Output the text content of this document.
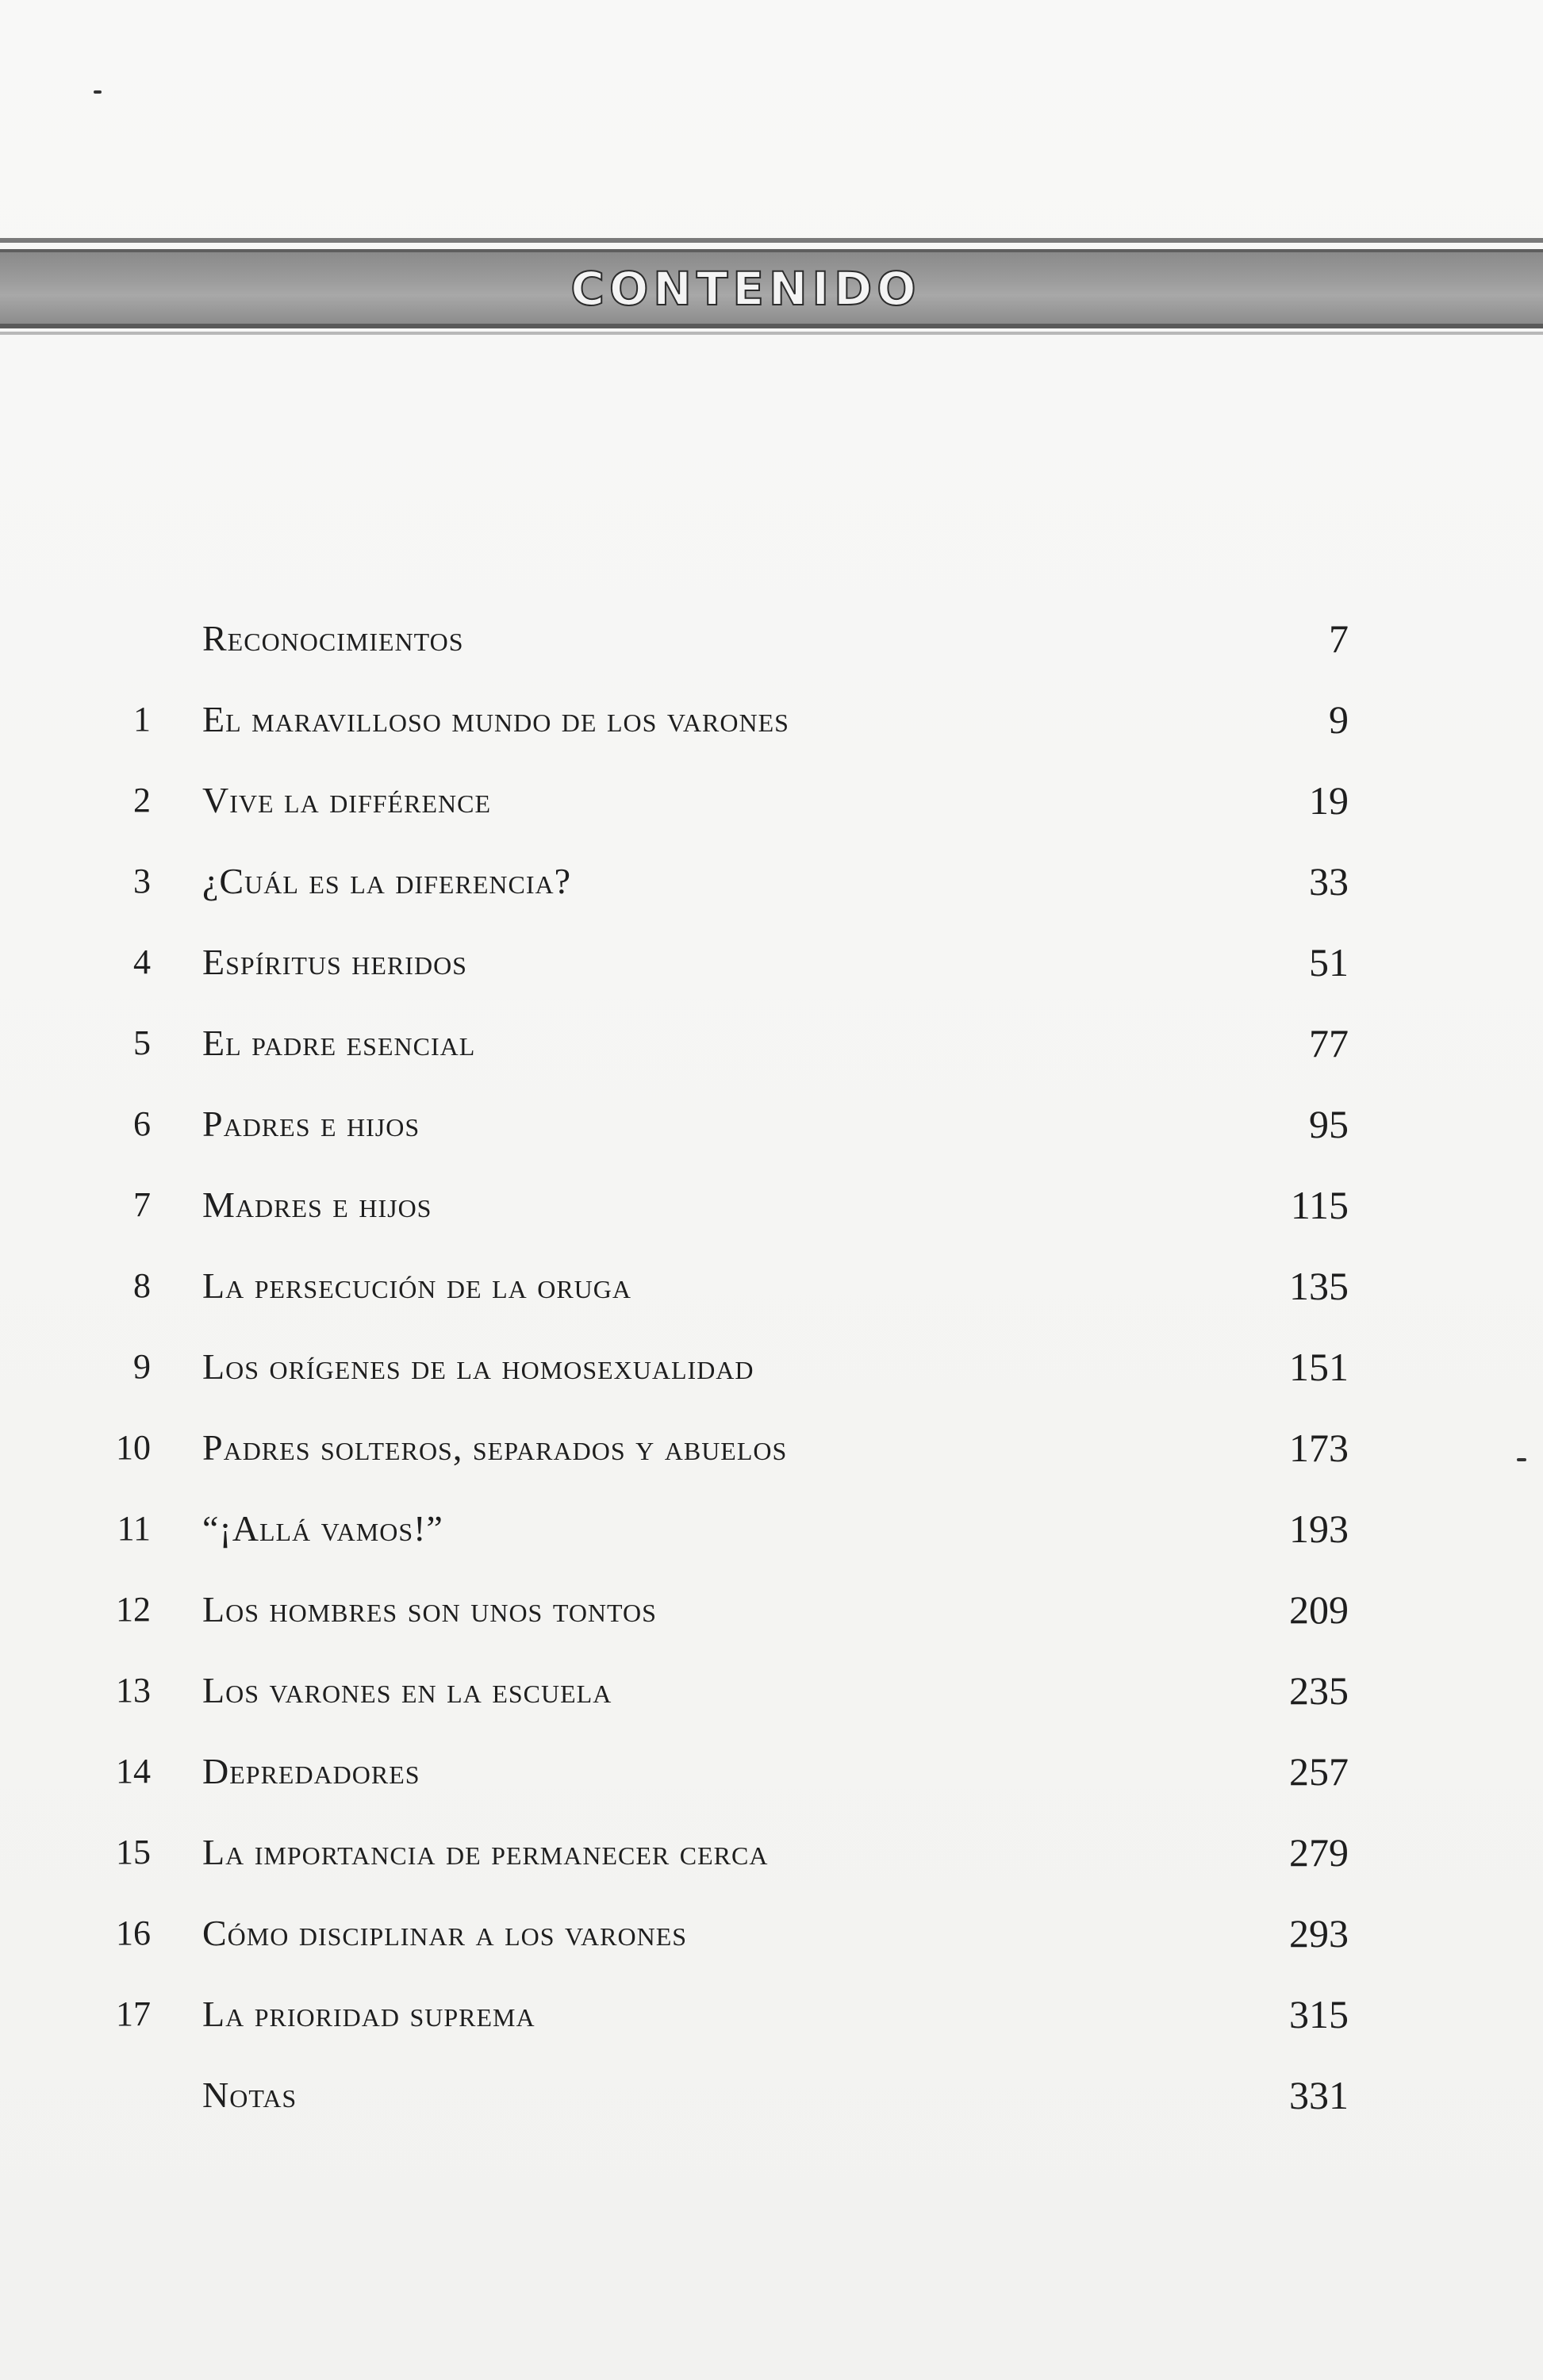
CONTENIDO
Reconocimientos	7
1 El maravilloso mundo de los varones	9
2 Vive la différence	19
3 ¿Cuál es la diferencia?	33
4 Espíritus heridos	51
5 El padre esencial	77
6 Padres e hijos	95
7 Madres e hijos	115
8 La persecución de la oruga	135
9 Los orígenes de la homosexualidad	151
10 Padres solteros, separados y abuelos	173
11 “¡Allá vamos!”	193
12 Los hombres son unos tontos	209
13 Los varones en la escuela	235
14 Depredadores	257
15 La importancia de permanecer cerca	279
16 Cómo disciplinar a los varones	293
17 La prioridad suprema	315
Notas	331
